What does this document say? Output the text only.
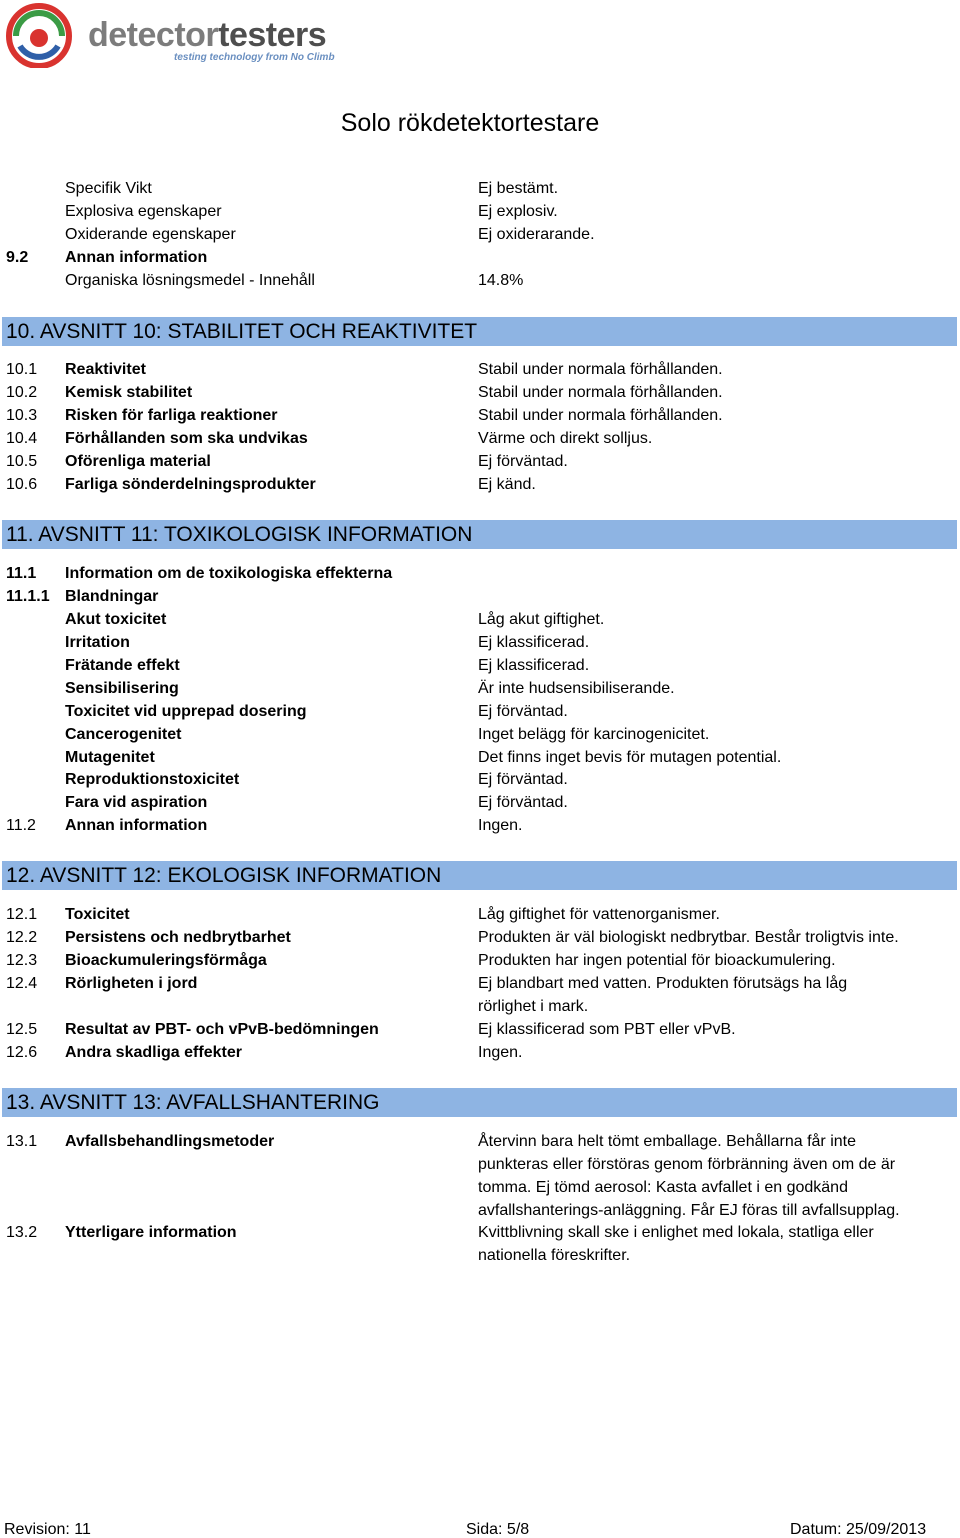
detectortesters
testing technology from No Climb
Solo rökdetektortestare
Specifik Vikt	Ej bestämt.
Explosiva egenskaper	Ej explosiv.
Oxiderande egenskaper	Ej oxiderarande.
9.2 Annan information
Organiska lösningsmedel - Innehåll	14.8%
10. AVSNITT 10: STABILITET OCH REAKTIVITET
10.1 Reaktivitet	Stabil under normala förhållanden.
10.2 Kemisk stabilitet	Stabil under normala förhållanden.
10.3 Risken för farliga reaktioner	Stabil under normala förhållanden.
10.4 Förhållanden som ska undvikas	Värme och direkt solljus.
10.5 Oförenliga material	Ej förväntad.
10.6 Farliga sönderdelningsprodukter	Ej känd.
11. AVSNITT 11: TOXIKOLOGISK INFORMATION
11.1 Information om de toxikologiska effekterna
11.1.1 Blandningar
Akut toxicitet	Låg akut giftighet.
Irritation	Ej klassificerad.
Frätande effekt	Ej klassificerad.
Sensibilisering	Är inte hudsensibiliserande.
Toxicitet vid upprepad dosering	Ej förväntad.
Cancerogenitet	Inget belägg för karcinogenicitet.
Mutagenitet	Det finns inget bevis för mutagen potential.
Reproduktionstoxicitet	Ej förväntad.
Fara vid aspiration	Ej förväntad.
11.2 Annan information	Ingen.
12. AVSNITT 12: EKOLOGISK INFORMATION
12.1 Toxicitet	Låg giftighet för vattenorganismer.
12.2 Persistens och nedbrytbarhet	Produkten är väl biologiskt nedbrytbar. Består troligtvis inte.
12.3 Bioackumuleringsförmåga	Produkten har ingen potential för bioackumulering.
12.4 Rörligheten i jord	Ej blandbart med vatten. Produkten förutsägs ha låg
rörlighet i mark.
12.5 Resultat av PBT- och vPvB-bedömningen	Ej klassificerad som PBT eller vPvB.
12.6 Andra skadliga effekter	Ingen.
13. AVSNITT 13: AVFALLSHANTERING
13.1 Avfallsbehandlingsmetoder	Återvinn bara helt tömt emballage. Behållarna får inte
punkteras eller förstöras genom förbränning även om de är
tomma. Ej tömd aerosol: Kasta avfallet i en godkänd
avfallshanterings-anläggning. Får EJ föras till avfallsupplag.
13.2 Ytterligare information	Kvittblivning skall ske i enlighet med lokala, statliga eller
nationella föreskrifter.
Revision: 11	Sida: 5/8	Datum: 25/09/2013
